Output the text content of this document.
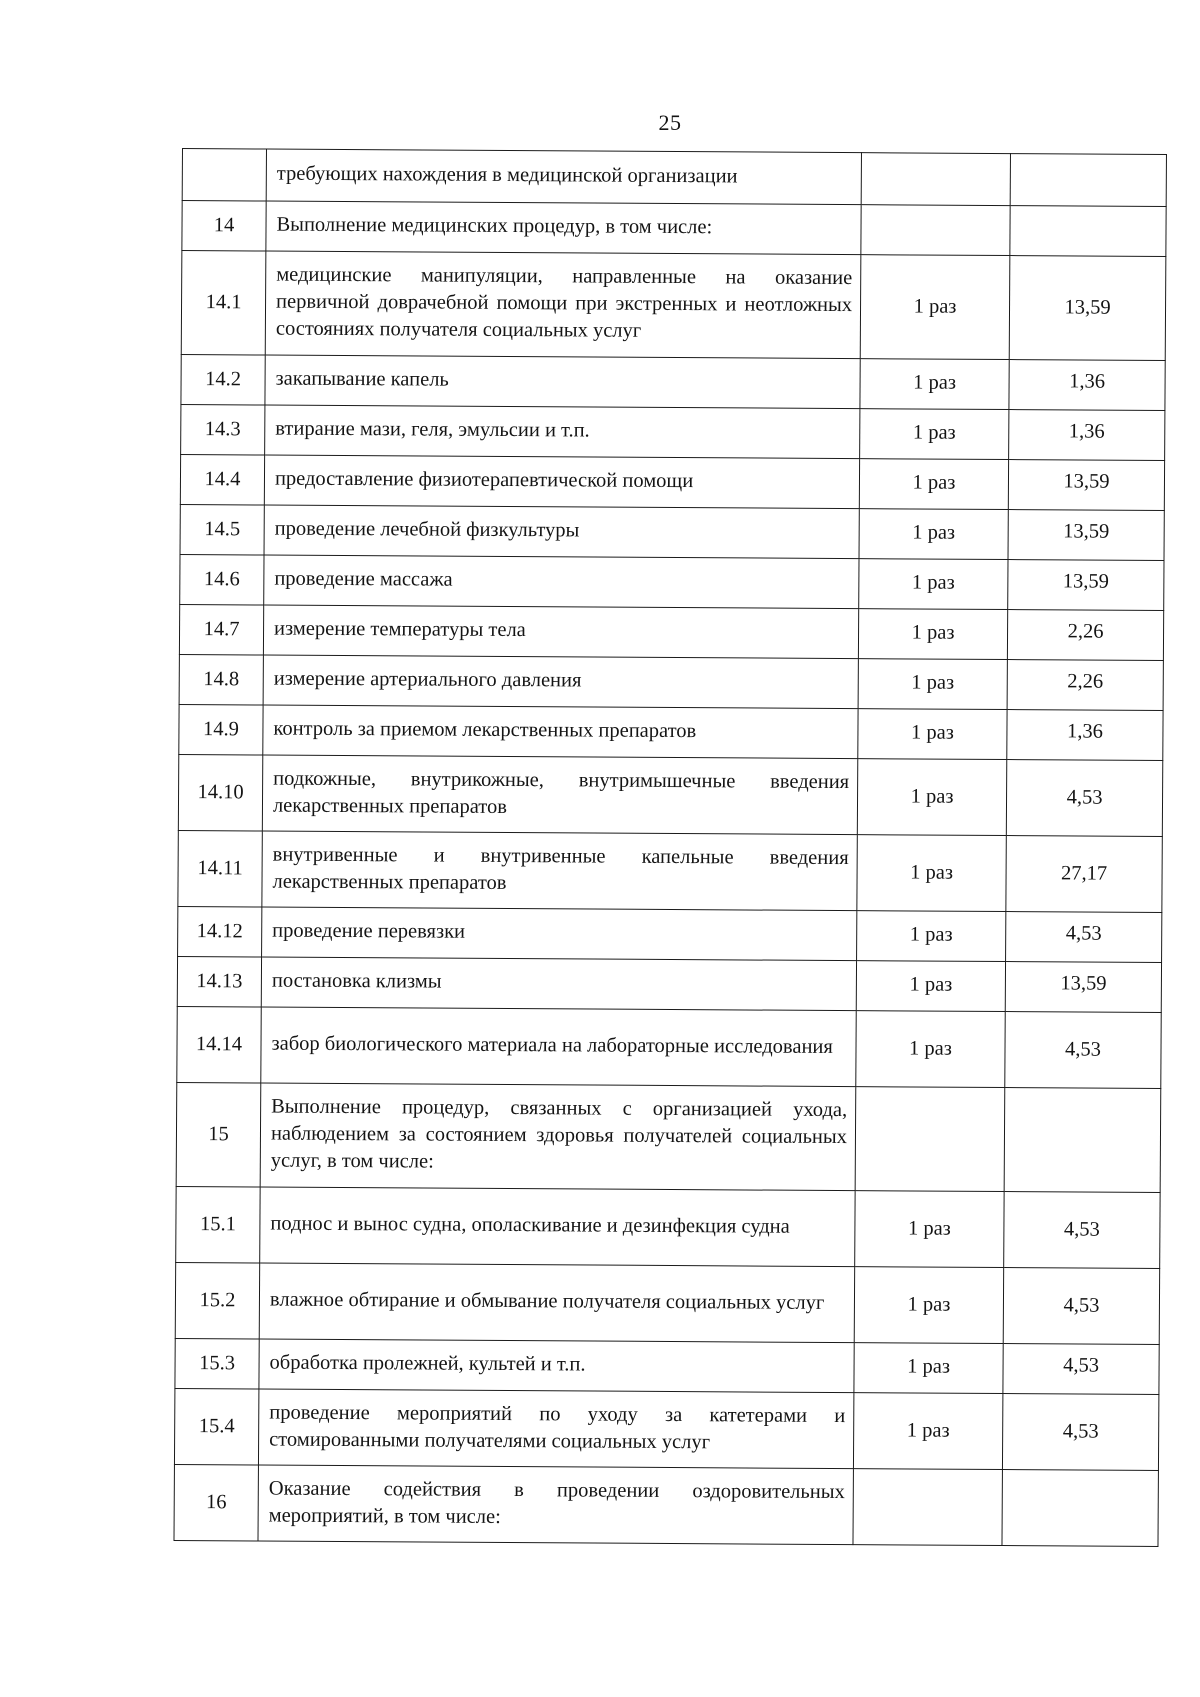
25
	требующих нахождения в медицинской организации		
14	Выполнение медицинских процедур, в том числе:		
14.1	медицинские манипуляции, направленные на оказание первичной доврачебной помощи при экстренных и неотложных состояниях получателя социальных услуг	1 раз	13,59
14.2	закапывание капель	1 раз	1,36
14.3	втирание мази, геля, эмульсии и т.п.	1 раз	1,36
14.4	предоставление физиотерапевтической помощи	1 раз	13,59
14.5	проведение лечебной физкультуры	1 раз	13,59
14.6	проведение массажа	1 раз	13,59
14.7	измерение температуры тела	1 раз	2,26
14.8	измерение артериального давления	1 раз	2,26
14.9	контроль за приемом лекарственных препаратов	1 раз	1,36
14.10	подкожные, внутрикожные, внутримышечные введения лекарственных препаратов	1 раз	4,53
14.11	внутривенные и внутривенные капельные введения лекарственных препаратов	1 раз	27,17
14.12	проведение перевязки	1 раз	4,53
14.13	постановка клизмы	1 раз	13,59
14.14	забор биологического материала на лабораторные исследования	1 раз	4,53
15	Выполнение процедур, связанных с организацией ухода, наблюдением за состоянием здоровья получателей социальных услуг, в том числе:		
15.1	поднос и вынос судна, ополаскивание и дезинфекция судна	1 раз	4,53
15.2	влажное обтирание и обмывание получателя социальных услуг	1 раз	4,53
15.3	обработка пролежней, культей и т.п.	1 раз	4,53
15.4	проведение мероприятий по уходу за катетерами и стомированными получателями социальных услуг	1 раз	4,53
16	Оказание содействия в проведении оздоровительных мероприятий, в том числе:		
